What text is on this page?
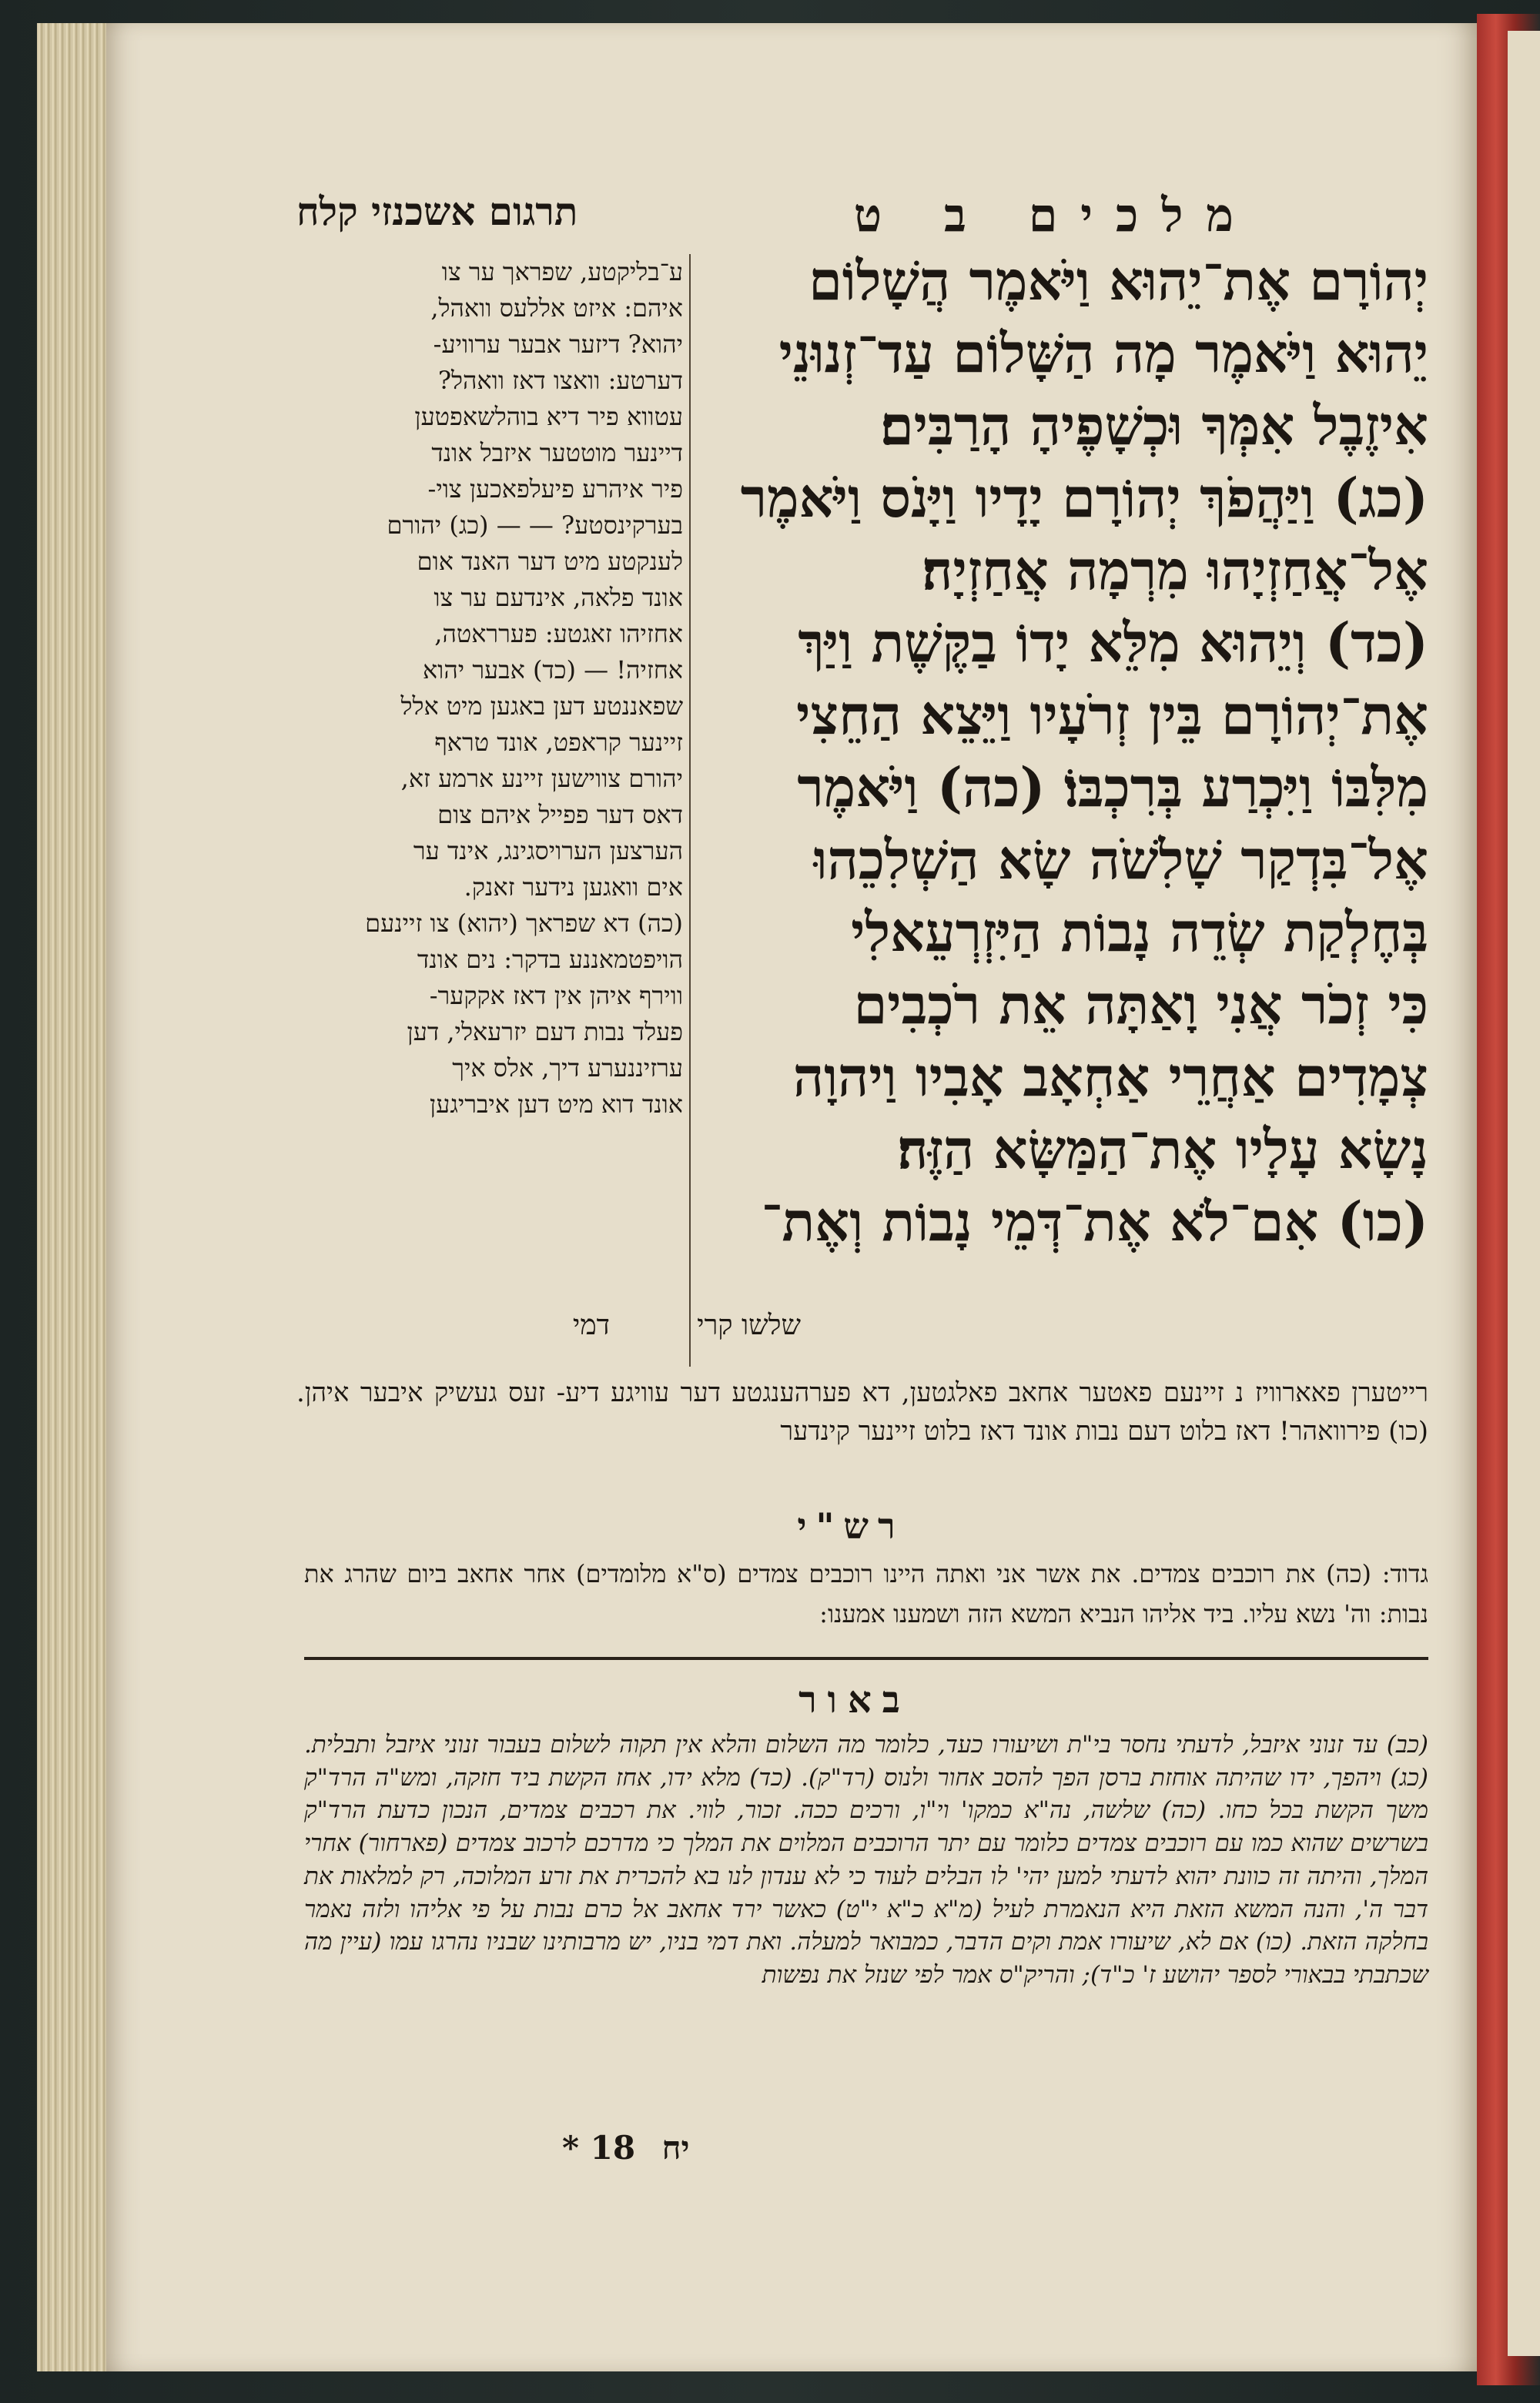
מלכים ב ט
תרגום אשכנזי קלח

יְהוֹרָם אֶת־יֵהוּא וַיֹּאמֶר הֲשָׁלוֹם

יֵהוּא וַיֹּאמֶר מָה הַשָּׁלוֹם עַד־זְנוּנֵי

אִיזֶבֶל אִמְּךָ וּכְשָׁפֶיהָ הָרַבִּים׃

(כג) וַיַּהֲפֹךְ יְהוֹרָם יָדָיו וַיָּנֹס וַיֹּאמֶר

אֶל־אֲחַזְיָהוּ מִרְמָה אֲחַזְיָה׃

(כד) וְיֵהוּא מִלֵּא יָדוֹ בַקֶּשֶׁת וַיַּךְ

אֶת־יְהוֹרָם בֵּין זְרֹעָיו וַיֵּצֵא הַחֵצִי

מִלִּבּוֹ וַיִּכְרַע בְּרִכְבּוֹ׃ (כה) וַיֹּאמֶר

אֶל־בִּדְקַר שָׁלִשֹׁה שָׂא הַשְׁלִכֵהוּ

בְּחֶלְקַת שְׂדֵה נָבוֹת הַיִּזְרְעֵאלִי

כִּי זְכֹר אֲנִי וָאַתָּה אֵת רֹכְבִים

צְמָדִים אַחֲרֵי אַחְאָב אָבִיו וַיהוָה

נָשָׂא עָלָיו אֶת־הַמַּשָּׂא הַזֶּה׃

(כו) אִם־לֹא אֶת־דְּמֵי נָבוֹת וְאֶת־

ע־בליקטע, שפראך ער צו

איהם: איזט אללעס וואהל,

יהוא? דיזער אבער ערוויע-

דערטע: וואצו דאז וואהל?

עטווא פיר דיא בוהלשאפטען

דיינער מוטטער איזבל אונד

פיר איהרע פיעלפאכען צוי-

בערקינסטע? — — (כג) יהורם

לענקטע מיט דער האנד אום

אונד פלאה, אינדעם ער צו

אחזיהו זאגטע: פערראטה,

אחזיה! — (כד) אבער יהוא

שפאננטע דען באגען מיט אלל

זיינער קראפט, אונד טראף

יהורם צווישען זיינע ארמע זא,

דאס דער פפייל איהם צום

הערצען הערויסגינג, אינד ער

אים וואגען נידער זאנק.

(כה) דא שפראך (יהוא) צו זיינעם

הויפטמאננע בדקר: נים אונד

ווירף איהן אין דאז אקקער-

פעלד נבות דעם יזרעאלי, דען

ערזיננערע דיך, אלס איך

אונד דוא מיט דען איבריגען

שלשו קרי
דמי

רייטערן פאארוויז נ זיינעם פאטער אחאב פאלגטען, דא פערהענגטע דער עוויגע דיע- זעס געשיק איבער איהן. (כו) פירוואהר! דאז בלוט דעם נבות אונד דאז בלוט זיינער קינדער

רש"י

גדוד: (כה) את רוכבים צמדים. את אשר אני ואתה היינו רוכבים צמדים (ס"א מלומדים) אחר אחאב ביום שהרג את נבות: וה' נשא עליו. ביד אליהו הנביא המשא הזה ושמענו אמענו:

באור

(כב) עד זנוני איזבל, לדעתי נחסר בי"ת ושיעורו כעד, כלומר מה השלום והלא אין תקוה לשלום בעבור זנוני איזבל ותבלית. (כג) ויהפך, ידו שהיתה אוחזת ברסן הפך להסב אחור ולנוס (רד"ק). (כד) מלא ידו, אחז הקשת ביד חזקה, ומש"ה הרד"ק משך הקשת בכל כחו. (כה) שלשה, נה"א כמקו' וי"ו, ורכים ככה. זכור, לווי. את רכבים צמדים, הנכון כדעת הרד"ק בשרשים שהוא כמו עם רוכבים צמדים כלומר עם יתר הרוכבים המלוים את המלך כי מדרכם לרכוב צמדים (פארחור) אחרי המלך, והיתה זה כוונת יהוא לדעתי למען יהי' לו הבלים לעוד כי לא ענדון לנו בא להכרית את זרע המלוכה, רק למלאות את דבר ה', והנה המשא הזאת היא הנאמרת לעיל (מ"א כ"א י"ט) כאשר ירד אחאב אל כרם נבות על פי אליהו ולזה נאמר בחלקה הזאת. (כו) אם לא, שיעורו אמת וקים הדבר, כמבואר למעלה. ואת דמי בניו, יש מרבותינו שבניו נהרגו עמו (עיין מה שכתבתי בבאורי לספר יהושע ז' כ"ד); והריק"ס אמר לפי שנזל את נפשות

יח 18 *
